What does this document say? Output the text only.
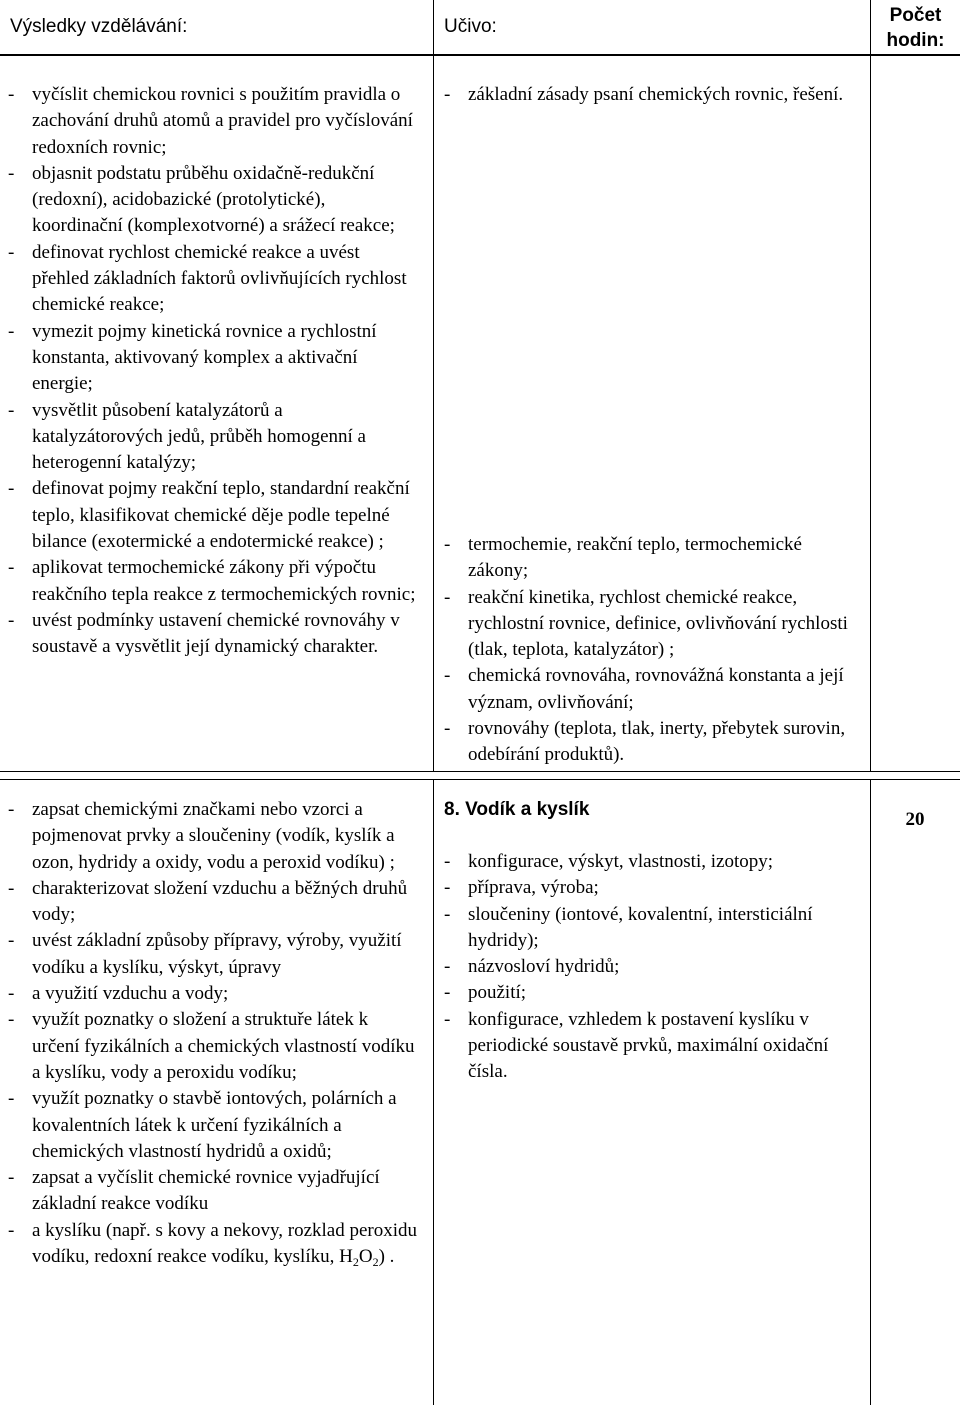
Výsledky vzdělávání:	Učivo:
Počet
hodin:
- vyčíslit chemickou rovnici s použitím pravidla o zachování druhů atomů a pravidel pro vyčíslování redoxních rovnic;
- objasnit podstatu průběhu oxidačně-redukční (redoxní), acidobazické (protolytické), koordinační (komplexotvorné) a srážecí reakce;
- definovat rychlost chemické reakce a uvést přehled základních faktorů ovlivňujících rychlost chemické reakce;
- vymezit pojmy kinetická rovnice a rychlostní konstanta, aktivovaný komplex a aktivační energie;
- vysvětlit působení katalyzátorů a katalyzátorových jedů, průběh homogenní a heterogenní katalýzy;
- definovat pojmy reakční teplo, standardní reakční teplo, klasifikovat chemické děje podle tepelné bilance (exotermické a endotermické reakce) ;
- aplikovat termochemické zákony při výpočtu reakčního tepla reakce z termochemických rovnic;
- uvést podmínky ustavení chemické rovnováhy v soustavě a vysvětlit její dynamický charakter.
- základní zásady psaní chemických rovnic, řešení.
- termochemie, reakční teplo, termochemické zákony;
- reakční kinetika, rychlost chemické reakce, rychlostní rovnice, definice, ovlivňování rychlosti (tlak, teplota, katalyzátor) ;
- chemická rovnováha, rovnovážná konstanta a její význam, ovlivňování;
- rovnováhy (teplota, tlak, inerty, přebytek surovin, odebírání produktů).
- zapsat chemickými značkami nebo vzorci a pojmenovat prvky a sloučeniny (vodík, kyslík a ozon, hydridy a oxidy, vodu a peroxid vodíku) ;
- charakterizovat složení vzduchu a běžných druhů vody;
- uvést základní způsoby přípravy, výroby, využití vodíku a kyslíku, výskyt, úpravy
- a využití vzduchu a vody;
- využít poznatky o složení a struktuře látek k určení fyzikálních a chemických vlastností vodíku a kyslíku, vody a peroxidu vodíku;
- využít poznatky o stavbě iontových, polárních a kovalentních látek k určení fyzikálních a chemických vlastností hydridů a oxidů;
- zapsat a vyčíslit chemické rovnice vyjadřující základní reakce vodíku
- a kyslíku (např. s kovy a nekovy, rozklad peroxidu vodíku, redoxní reakce vodíku, kyslíku, $H_2O_2$) .
8. Vodík a kyslík
- konfigurace, výskyt, vlastnosti, izotopy;
- příprava, výroba;
- sloučeniny (iontové, kovalentní, intersticiální hydridy);
- názvosloví hydridů;
- použití;
- konfigurace, vzhledem k postavení kyslíku v periodické soustavě prvků, maximální oxidační čísla.
20
